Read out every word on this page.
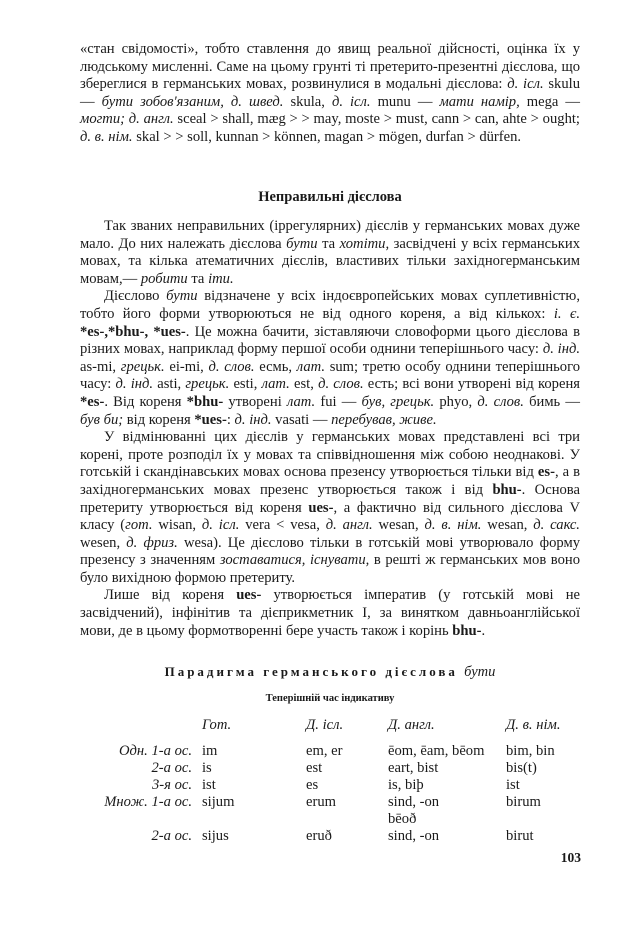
«стан свідомості», тобто ставлення до явищ реальної дійсності, оцінка їх у людському мисленні. Саме на цьому грунті ті претерито-презентні дієслова, що збереглися в германських мовах, розвинулися в модальні дієслова: д. ісл. skulu — бути зобов'язаним, д. швед. skula, д. ісл. munu — мати намір, mega — могти; д. англ. sceal > shall, mæg > > may, moste > must, cann > can, ahte > ought; д. в. нім. skal > > soll, kunnan > können, magan > mögen, durfan > dürfen.

Неправильні дієслова

Так званих неправильних (іррегулярних) дієслів у германських мовах дуже мало. До них належать дієслова бути та хотіти, засвідчені у всіх германських мовах, та кілька атематичних дієслів, властивих тільки західногерманським мовам,— робити та іти.

Дієслово бути відзначене у всіх індоєвропейських мовах суплетивністю, тобто його форми утворюються не від одного кореня, а від кількох: і. є. *es-,*bhu-, *ues-. Це можна бачити, зіставляючи словоформи цього дієслова в різних мовах, наприклад форму першої особи однини теперішнього часу: д. інд. as-mi, грецьк. ei-mi, д. слов. есмь, лат. sum; третю особу однини теперішнього часу: д. інд. asti, грецьк. esti, лат. est, д. слов. есть; всі вони утворені від кореня *es-. Від кореня *bhu- утворені лат. fui — був, грецьк. phyo, д. слов. бимь — був би; від кореня *ues-: д. інд. vasati — перебував, живе.

У відмінюванні цих дієслів у германських мовах представлені всі три корені, проте розподіл їх у мовах та співвідношення між собою неоднакові. У готській і скандінавських мовах основа презенсу утворюється тільки від es-, а в західногерманських мовах презенс утворюється також і від bhu-. Основа претериту утворюється від кореня ues-, а фактично від сильного дієслова V класу (гот. wisan, д. ісл. vera < vesa, д. англ. wesan, д. в. нім. wesan, д. сакс. wesen, д. фриз. wesa). Це дієслово тільки в готській мові утворювало форму презенсу з значенням зоставатися, існувати, в решті ж германських мов воно було вихідною формою претериту.

Лише від кореня ues- утворюється імператив (у готській мові не засвідчений), інфінітив та дієприкметник I, за винятком давньоанглійської мови, де в цьому формотворенні бере участь також і корінь bhu-.

Парадигма германського дієслова бути
Теперішній час індикативу
	Гот.	Д. ісл.	Д. англ.	Д. в. нім.
Одн. 1-а ос.	im	em, er	ēom, ēam, bēom	bim, bin
2-а ос.	is	est	eart, bist	bis(t)
3-я ос.	ist	es	is, biþ	ist
Множ. 1-а ос.	sijum	erum	sind, -on	birum
			bēoð	
2-а ос.	sijus	eruð	sind, -on	birut
103
